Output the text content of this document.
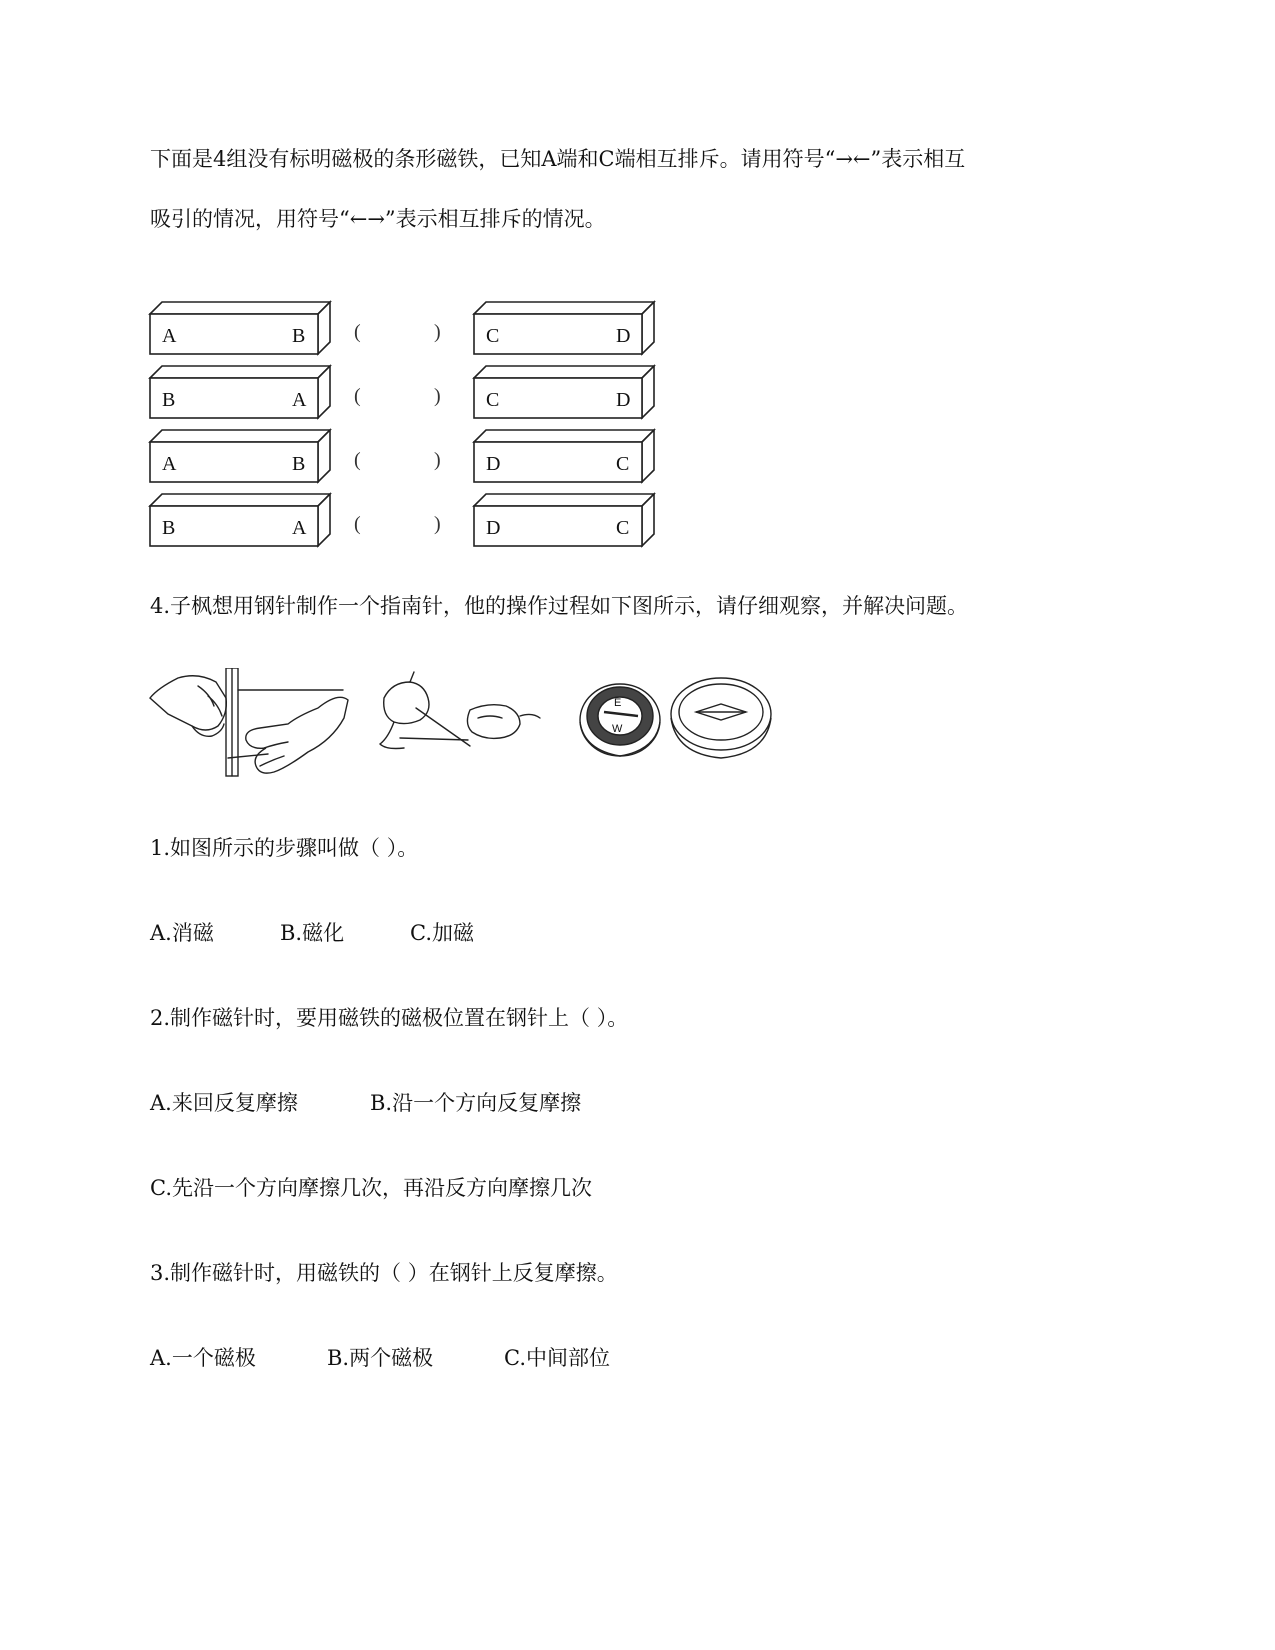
下面是4组没有标明磁极的条形磁铁，已知A端和C端相互排斥。请用符号“→←”表示相互
吸引的情况，用符号“←→”表示相互排斥的情况。
A	B (	) C	D
B	A (	) C	D
A	B (	) D	C
B	A (	) D	C
4.子枫想用钢针制作一个指南针，他的操作过程如下图所示，请仔细观察，并解决问题。
E
W
1.如图所示的步骤叫做（ ）。
A.消磁	B.磁化	C.加磁
2.制作磁针时，要用磁铁的磁极位置在钢针上（ ）。
A.来回反复摩擦	B.沿一个方向反复摩擦
C.先沿一个方向摩擦几次，再沿反方向摩擦几次
3.制作磁针时，用磁铁的（ ）在钢针上反复摩擦。
A.一个磁极	B.两个磁极	C.中间部位
